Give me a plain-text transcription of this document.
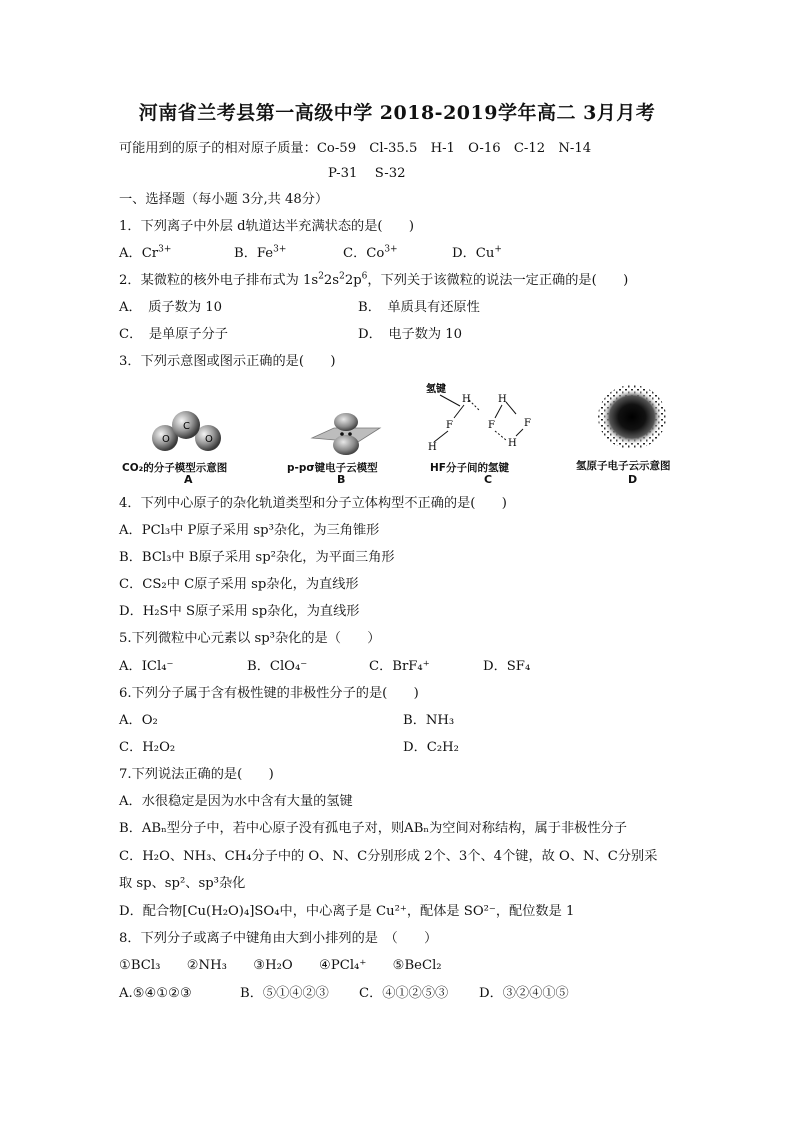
河南省兰考县第一高级中学 2018-2019学年高二 3月月考
可能用到的原子的相对原子质量：Co-59　Cl-35.5　H-1　O-16　C-12　N-14
P-31　 S-32
一、选择题（每小题 3分,共 48分）
1．下列离子中外层 d轨道达半充满状态的是(　　)
A．$Cr^{3+}$	B．$Fe^{3+}$	C．$Co^{3+}$	D．Cu+
2．某微粒的核外电子排布式为 $1s^22s^22p^6$，下列关于该微粒的说法一定正确的是(　　)
A．　质子数为 10	B．　单质具有还原性
C．　是单原子分子	D．　电子数为 10
3．下列示意图或图示正确的是(　　)
O
C
O
CO₂的分子模型示意图
A
p-pσ键电子云模型
B
氢键
H	H
F	F	F
H	H
HF分子间的氢键
C
氢原子电子云示意图
D
4．下列中心原子的杂化轨道类型和分子立体构型不正确的是(　　)
A．PCl₃中 P原子采用 sp³杂化，为三角锥形
B．BCl₃中 B原子采用 sp²杂化，为平面三角形
C．CS₂中 C原子采用 sp杂化，为直线形
D．H₂S中 S原子采用 sp杂化，为直线形
5.下列微粒中心元素以 sp³杂化的是（　　）
A．ICl₄⁻	B．ClO₄⁻	C．BrF₄⁺	D．SF₄
6.下列分子属于含有极性键的非极性分子的是(　　)
A．O₂	B．NH₃
C．H₂O₂	D．C₂H₂
7.下列说法正确的是(　　)
A．水很稳定是因为水中含有大量的氢键
B．ABₙ型分子中，若中心原子没有孤电子对，则ABₙ为空间对称结构，属于非极性分子
C．H₂O、NH₃、CH₄分子中的 O、N、C分别形成 2个、3个、4个键，故 O、N、C分别采
取 sp、sp²、sp³杂化
D．配合物[Cu(H₂O)₄]SO₄中，中心离子是 Cu²⁺，配体是 SO²⁻，配位数是 1
8．下列分子或离子中键角由大到小排列的是　（　　）
①BCl₃　　②NH₃　　③H₂O　　④PCl₄⁺　　⑤BeCl₂
A.⑤④①②③	B．⑤①④②③ C．④①②⑤③ D．③②④①⑤
